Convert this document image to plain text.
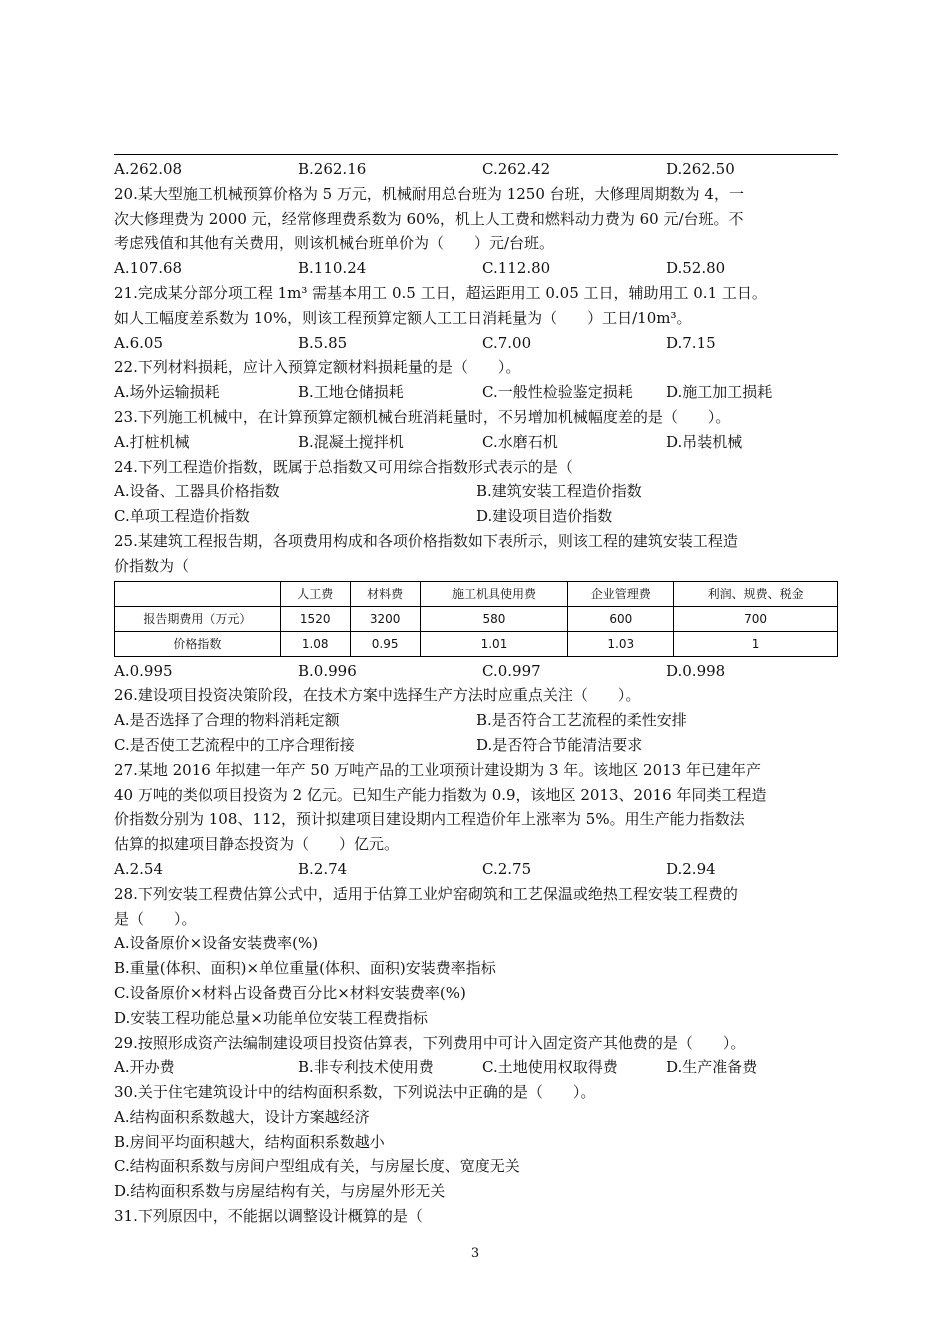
A.262.08	B.262.16	C.262.42	D.262.50
20.某大型施工机械预算价格为 5 万元，机械耐用总台班为 1250 台班，大修理周期数为 4，一
次大修理费为 2000 元，经常修理费系数为 60%，机上人工费和燃料动力费为 60 元/台班。不
考虑残值和其他有关费用，则该机械台班单价为（　　）元/台班。
A.107.68	B.110.24	C.112.80	D.52.80
21.完成某分部分项工程 1m³ 需基本用工 0.5 工日，超运距用工 0.05 工日，辅助用工 0.1 工日。
如人工幅度差系数为 10%，则该工程预算定额人工工日消耗量为（　　）工日/10m³。
A.6.05	B.5.85	C.7.00	D.7.15
22.下列材料损耗，应计入预算定额材料损耗量的是（　　）。
A.场外运输损耗	B.工地仓储损耗	C.一般性检验鉴定损耗	D.施工加工损耗
23.下列施工机械中，在计算预算定额机械台班消耗量时，不另增加机械幅度差的是（　　）。
A.打桩机械	B.混凝土搅拌机	C.水磨石机	D.吊装机械
24.下列工程造价指数，既属于总指数又可用综合指数形式表示的是（
A.设备、工器具价格指数	B.建筑安装工程造价指数
C.单项工程造价指数	D.建设项目造价指数
25.某建筑工程报告期，各项费用构成和各项价格指数如下表所示，则该工程的建筑安装工程造
价指数为（
	人工费	材料费	施工机具使用费	企业管理费	利润、规费、税金
报告期费用（万元）	1520	3200	580	600	700
价格指数	1.08	0.95	1.01	1.03	1
A.0.995	B.0.996	C.0.997	D.0.998
26.建设项目投资决策阶段，在技术方案中选择生产方法时应重点关注（　　）。
A.是否选择了合理的物料消耗定额	B.是否符合工艺流程的柔性安排
C.是否使工艺流程中的工序合理衔接	D.是否符合节能清洁要求
27.某地 2016 年拟建一年产 50 万吨产品的工业项预计建设期为 3 年。该地区 2013 年已建年产
40 万吨的类似项目投资为 2 亿元。已知生产能力指数为 0.9，该地区 2013、2016 年同类工程造
价指数分别为 108、112，预计拟建项目建设期内工程造价年上涨率为 5%。用生产能力指数法
估算的拟建项目静态投资为（　　）亿元。
A.2.54	B.2.74	C.2.75	D.2.94
28.下列安装工程费估算公式中，适用于估算工业炉窑砌筑和工艺保温或绝热工程安装工程费的
是（　　）。
A.设备原价×设备安装费率(%)
B.重量(体积、面积)×单位重量(体积、面积)安装费率指标
C.设备原价×材料占设备费百分比×材料安装费率(%)
D.安装工程功能总量×功能单位安装工程费指标
29.按照形成资产法编制建设项目投资估算表，下列费用中可计入固定资产其他费的是（　　）。
A.开办费	B.非专利技术使用费	C.土地使用权取得费	D.生产准备费
30.关于住宅建筑设计中的结构面积系数，下列说法中正确的是（　　）。
A.结构面积系数越大，设计方案越经济
B.房间平均面积越大，结构面积系数越小
C.结构面积系数与房间户型组成有关，与房屋长度、宽度无关
D.结构面积系数与房屋结构有关，与房屋外形无关
31.下列原因中，不能据以调整设计概算的是（
3
